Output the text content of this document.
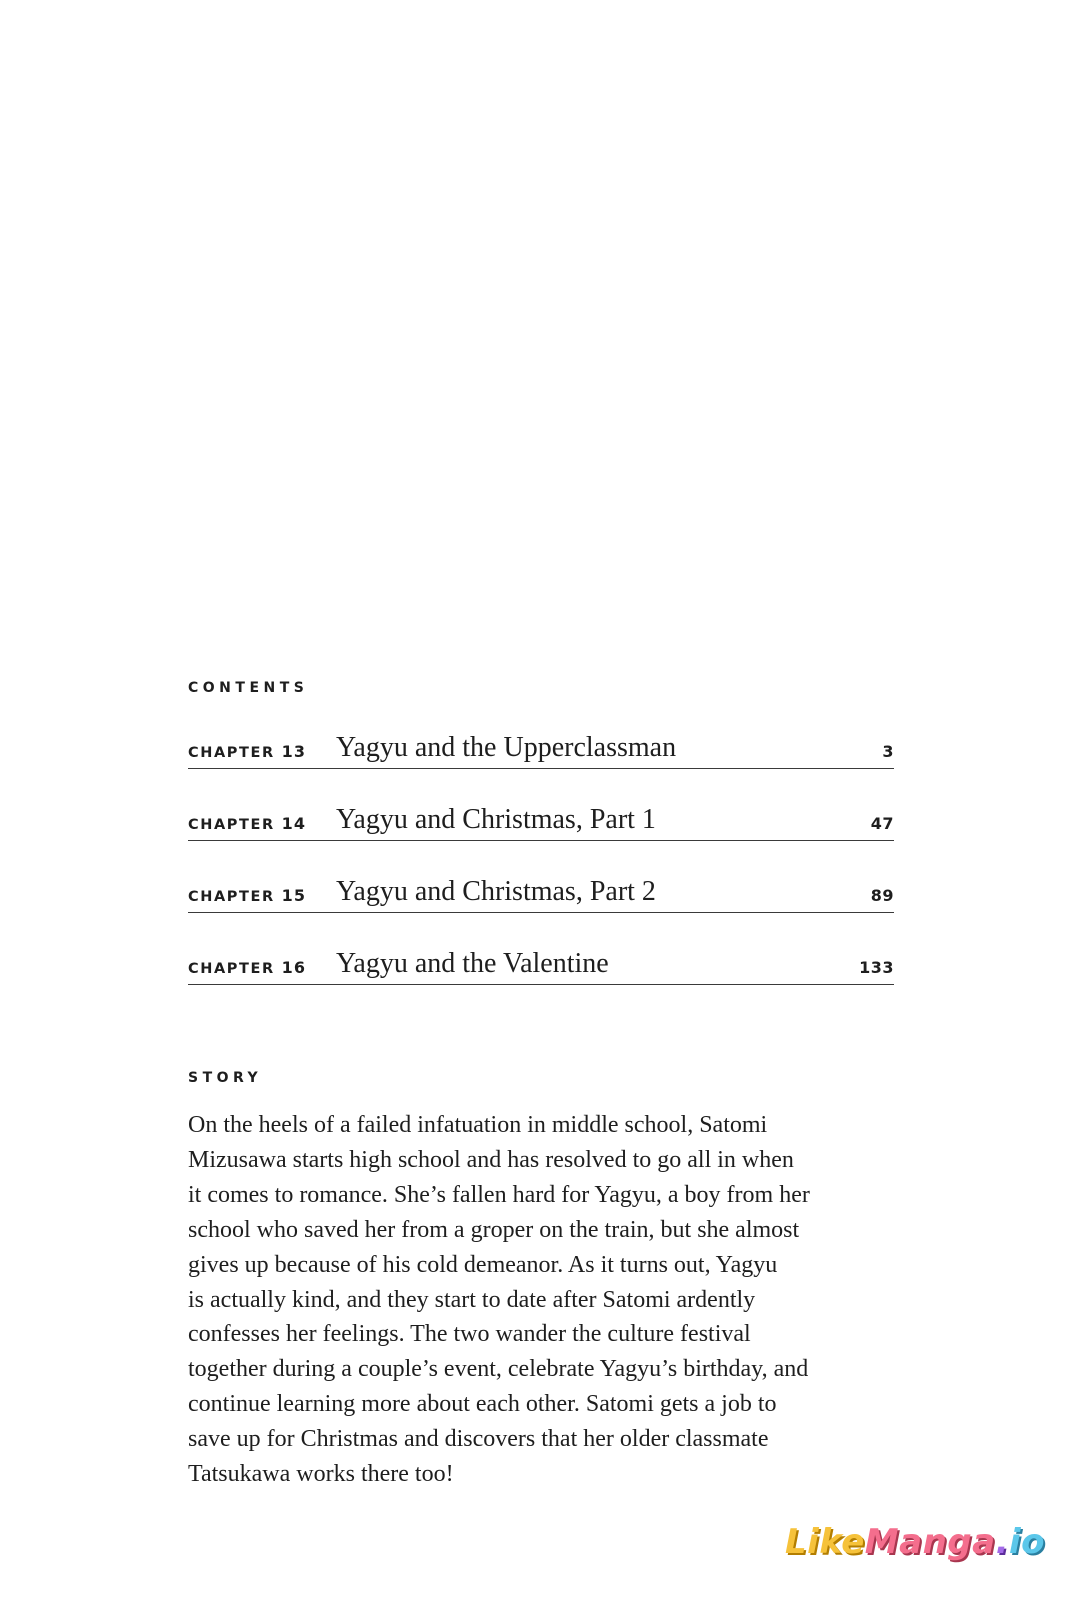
CONTENTS
CHAPTER 13 Yagyu and the Upperclassman	3
CHAPTER 14 Yagyu and Christmas, Part 1	47
CHAPTER 15 Yagyu and Christmas, Part 2	89
CHAPTER 16 Yagyu and the Valentine	133
STORY

On the heels of a failed infatuation in middle school, Satomi
Mizusawa starts high school and has resolved to go all in when
it comes to romance. She’s fallen hard for Yagyu, a boy from her
school who saved her from a groper on the train, but she almost
gives up because of his cold demeanor. As it turns out, Yagyu
is actually kind, and they start to date after Satomi ardently
confesses her feelings. The two wander the culture festival
together during a couple’s event, celebrate Yagyu’s birthday, and
continue learning more about each other. Satomi gets a job to
save up for Christmas and discovers that her older classmate
Tatsukawa works there too!

LikeManga.io
